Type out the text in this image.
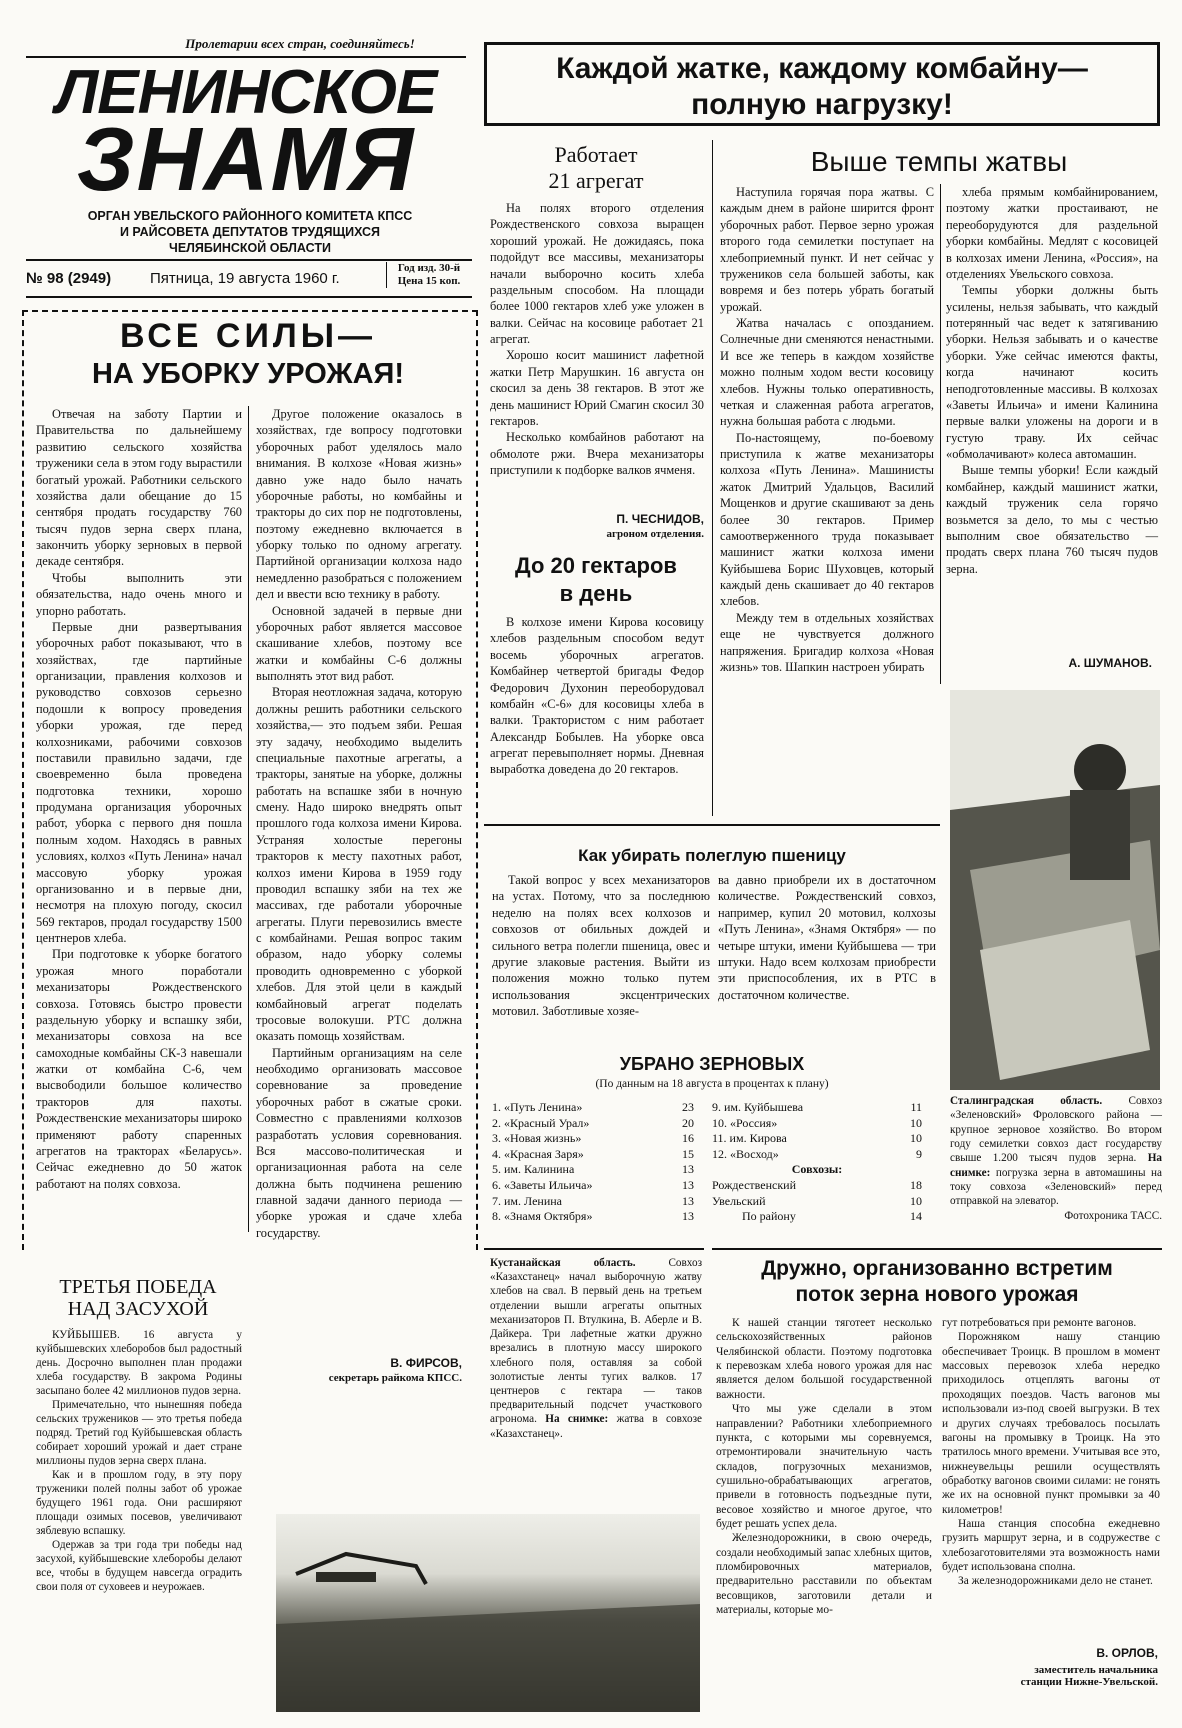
Пролетарии всех стран, соединяйтесь!
ЛЕНИНСКОЕ
ЗНАМЯ
ОРГАН УВЕЛЬСКОГО РАЙОННОГО КОМИТЕТА КПСС
И РАЙСОВЕТА ДЕПУТАТОВ ТРУДЯЩИХСЯ
ЧЕЛЯБИНСКОЙ ОБЛАСТИ
№ 98 (2949)	Пятница, 19 августа 1960 г.
Год изд. 30-й
Цена 15 коп.
Каждой жатке, каждому комбайну—
полную нагрузку!
ВСЕ СИЛЫ—
НА УБОРКУ УРОЖАЯ!

Отвечая на заботу Партии и Правительства по дальнейшему развитию сельского хозяйства труженики села в этом году вырастили богатый урожай. Работники сельского хозяйства дали обещание до 15 сентября продать государству 760 тысяч пудов зерна сверх плана, закончить уборку зерновых в первой декаде сентября.

Чтобы выполнить эти обязательства, надо очень много и упорно работать.

Первые дни развертывания уборочных работ показывают, что в хозяйствах, где партийные организации, правления колхозов и руководство совхозов серьезно подошли к вопросу проведения уборки урожая, где перед колхозниками, рабочими совхозов поставили правильно задачи, где своевременно была проведена подготовка техники, хорошо продумана организация уборочных работ, уборка с первого дня пошла полным ходом. Находясь в равных условиях, колхоз «Путь Ленина» начал массовую уборку урожая организованно и в первые дни, несмотря на плохую погоду, скосил 569 гектаров, продал государству 1500 центнеров хлеба.

При подготовке к уборке богатого урожая много поработали механизаторы Рождественского совхоза. Готовясь быстро провести раздельную уборку и вспашку зяби, механизаторы совхоза на все самоходные комбайны СК-3 навешали жатки от комбайна С-6, чем высвободили большое количество тракторов для пахоты. Рождественские механизаторы широко применяют работу спаренных агрегатов на тракторах «Беларусь». Сейчас ежедневно до 50 жаток работают на полях совхоза.

Другое положение оказалось в хозяйствах, где вопросу подготовки уборочных работ уделялось мало внимания. В колхозе «Новая жизнь» давно уже надо было начать уборочные работы, но комбайны и тракторы до сих пор не подготовлены, поэтому ежедневно включается в уборку только по одному агрегату. Партийной организации колхоза надо немедленно разобраться с положением дел и ввести всю технику в работу.

Основной задачей в первые дни уборочных работ является массовое скашивание хлебов, поэтому все жатки и комбайны С-6 должны выполнять этот вид работ.

Вторая неотложная задача, которую должны решить работники сельского хозяйства,— это подъем зяби. Решая эту задачу, необходимо выделить специальные пахотные агрегаты, а тракторы, занятые на уборке, должны работать на вспашке зяби в ночную смену. Надо широко внедрять опыт прошлого года колхоза имени Кирова. Устраняя холостые перегоны тракторов к месту пахотных работ, колхоз имени Кирова в 1959 году проводил вспашку зяби на тех же массивах, где работали уборочные агрегаты. Плуги перевозились вместе с комбайнами. Решая вопрос таким образом, надо уборку солемы проводить одновременно с уборкой хлебов. Для этой цели в каждый комбайновый агрегат поделать тросовые волокуши. РТС должна оказать помощь хозяйствам.

Партийным организациям на селе необходимо организовать массовое соревнование за проведение уборочных работ в сжатые сроки. Совместно с правлениями колхозов разработать условия соревнования. Вся массово-политическая и организационная работа на селе должна быть подчинена решению главной задачи данного периода — уборке урожая и сдаче хлеба государству.

В. ФИРСОВ,
секретарь райкома КПСС.
ТРЕТЬЯ ПОБЕДА
НАД ЗАСУХОЙ

КУЙБЫШЕВ. 16 августа у куйбышевских хлеборобов был радостный день. Досрочно выполнен план продажи хлеба государству. В закрома Родины засыпано более 42 миллионов пудов зерна.

Примечательно, что нынешняя победа сельских тружеников — это третья победа подряд. Третий год Куйбышевская область собирает хороший урожай и дает стране миллионы пудов зерна сверх плана.

Как и в прошлом году, в эту пору труженики полей полны забот об урожае будущего 1961 года. Они расширяют площади озимых посевов, увеличивают зяблевую вспашку.

Одержав за три года три победы над засухой, куйбышевские хлеборобы делают все, чтобы в будущем навсегда оградить свои поля от суховеев и неурожаев.

Работает
21 агрегат

На полях второго отделения Рождественского совхоза выращен хороший урожай. Не дожидаясь, пока подойдут все массивы, механизаторы начали выборочно косить хлеба раздельным способом. На площади более 1000 гектаров хлеб уже уложен в валки. Сейчас на косовице работает 21 агрегат.

Хорошо косит машинист лафетной жатки Петр Марушкин. 16 августа он скосил за день 38 гектаров. В этот же день машинист Юрий Смагин скосил 30 гектаров.

Несколько комбайнов работают на обмолоте ржи. Вчера механизаторы приступили к подборке валков ячменя.

П. ЧЕСНИДОВ,
агроном отделения.
До 20 гектаров
в день

В колхозе имени Кирова косовицу хлебов раздельным способом ведут восемь уборочных агрегатов. Комбайнер четвертой бригады Федор Федорович Духонин переоборудовал комбайн «С-6» для косовицы хлеба в валки. Трактористом с ним работает Александр Бобылев. На уборке овса агрегат перевыполняет нормы. Дневная выработка доведена до 20 гектаров.

Выше темпы жатвы

Наступила горячая пора жатвы. С каждым днем в районе ширится фронт уборочных работ. Первое зерно урожая второго года семилетки поступает на хлебоприемный пункт. И нет сейчас у тружеников села большей заботы, как вовремя и без потерь убрать богатый урожай.

Жатва началась с опозданием. Солнечные дни сменяются ненастными. И все же теперь в каждом хозяйстве можно полным ходом вести косовицу хлебов. Нужны только оперативность, четкая и слаженная работа агрегатов, нужна большая работа с людьми.

По-настоящему, по-боевому приступила к жатве механизаторы колхоза «Путь Ленина». Машинисты жаток Дмитрий Удальцов, Василий Мощенков и другие скашивают за день более 30 гектаров. Пример самоотверженного труда показывает машинист жатки колхоза имени Куйбышева Борис Шуховцев, который каждый день скашивает до 40 гектаров хлебов.

Между тем в отдельных хозяйствах еще не чувствуется должного напряжения. Бригадир колхоза «Новая жизнь» тов. Шапкин настроен убирать

хлеба прямым комбайнированием, поэтому жатки простаивают, не переоборудуются для раздельной уборки комбайны. Медлят с косовицей в колхозах имени Ленина, «Россия», на отделениях Увельского совхоза.

Темпы уборки должны быть усилены, нельзя забывать, что каждый потерянный час ведет к затягиванию уборки. Нельзя забывать и о качестве уборки. Уже сейчас имеются факты, когда начинают косить неподготовленные массивы. В колхозах «Заветы Ильича» и имени Калинина первые валки уложены на дороги и в густую траву. Их сейчас «обмолачивают» колеса автомашин.

Выше темпы уборки! Если каждый комбайнер, каждый машинист жатки, каждый труженик села горячо возьмется за дело, то мы с честью выполним свое обязательство — продать сверх плана 760 тысяч пудов зерна.

А. ШУМАНОВ.
Сталинградская область. Совхоз «Зеленовский» Фроловского района — крупное зерновое хозяйство. Во втором году семилетки совхоз даст государству свыше 1.200 тысяч пудов зерна. На снимке: погрузка зерна в автомашины на току совхоза «Зеленовский» перед отправкой на элеватор.
Фотохроника ТАСС.
Как убирать полеглую пшеницу

Такой вопрос у всех механизаторов на устах. Потому, что за последнюю неделю на полях всех колхозов и совхозов от обильных дождей и сильного ветра полегли пшеница, овес и другие злаковые растения. Выйти из положения можно только путем использования эксцентрических мотовил. Заботливые хозяе-

ва давно приобрели их в достаточном количестве. Рождественский совхоз, например, купил 20 мотовил, колхозы «Путь Ленина», «Знамя Октября» — по четыре штуки, имени Куйбышева — три штуки. Надо всем колхозам приобрести эти приспособления, их в РТС в достаточном количестве.

УБРАНО ЗЕРНОВЫХ
(По данным на 18 августа в процентах к плану)
1. «Путь Ленина»	23
2. «Красный Урал»	20
3. «Новая жизнь»	16
4. «Красная Заря»	15
5. им. Калинина	13
6. «Заветы Ильича»	13
7. им. Ленина	13
8. «Знамя Октября»	13
9. им. Куйбышева	11
10. «Россия»	10
11. им. Кирова	10
12. «Восход»	9
Совхозы:
Рождественский	18
Увельский	10
По району	14
Кустанайская область.	Совхоз «Казахстанец» начал выборочную жатву хлебов на свал. В первый день на третьем отделении вышли агрегаты опытных механизаторов П. Втулкина, В. Аберле и В. Дайкера. Три лафетные жатки дружно врезались в плотную массу широкого хлебного поля, оставляя за собой золотистые ленты тугих валков. 17 центнеров с гектара — таков предварительный подсчет участкового агронома. На снимке: жатва в совхозе «Казахстанец».
Дружно, организованно встретим
поток зерна нового урожая

К нашей станции тяготеет несколько сельскохозяйственных районов Челябинской области. Поэтому подготовка к перевозкам хлеба нового урожая для нас является делом большой государственной важности.

Что мы уже сделали в этом направлении? Работники хлебоприемного пункта, с которыми мы соревнуемся, отремонтировали значительную часть складов, погрузочных механизмов, сушильно-обрабатывающих агрегатов, привели в готовность подъездные пути, весовое хозяйство и многое другое, что будет решать успех дела.

Железнодорожники, в свою очередь, создали необходимый запас хлебных щитов, пломбировочных материалов, предварительно расставили по объектам весовщиков, заготовили детали и материалы, которые мо-

гут потребоваться при ремонте вагонов.

Порожняком нашу станцию обеспечивает Троицк. В прошлом в момент массовых перевозок хлеба нередко приходилось отцеплять вагоны от проходящих поездов. Часть вагонов мы использовали из-под своей выгрузки. В тех и других случаях требовалось посылать вагоны на промывку в Троицк. На это тратилось много времени. Учитывая все это, нижнеувельцы решили осуществлять обработку вагонов своими силами: не гонять же их на основной пункт промывки за 40 километров!

Наша станция способна ежедневно грузить маршрут зерна, и в содружестве с хлебозаготовителями эта возможность нами будет использована сполна.

За железнодорожниками дело не станет.

В. ОРЛОВ,
заместитель начальника
станции Нижне-Увельской.
